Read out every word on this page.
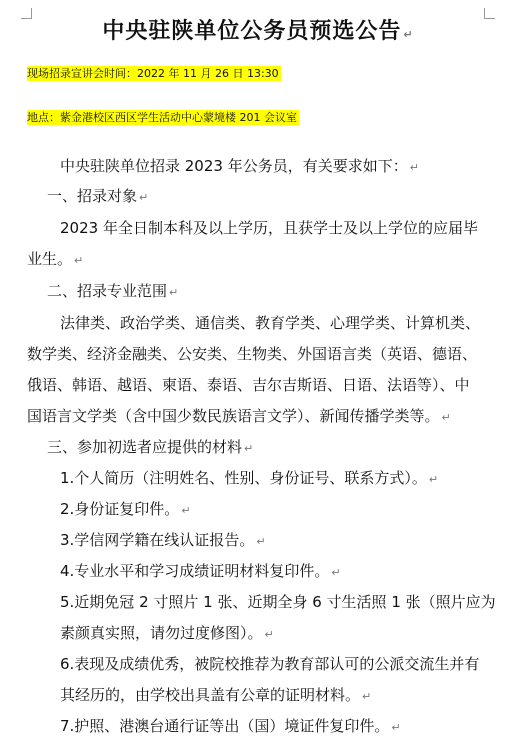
中央驻陕单位公务员预选公告 ↵
现场招录宣讲会时间：2022 年 11 月 26 日 13:30
地点：紫金港校区西区学生活动中心蒙境楼 201 会议室
中央驻陕单位招录 2023 年公务员，有关要求如下： ↵
一、招录对象 ↵
2023 年全日制本科及以上学历，且获学士及以上学位的应届毕
业生。 ↵
二、招录专业范围 ↵
法律类、政治学类、通信类、教育学类、心理学类、计算机类、
数学类、经济金融类、公安类、生物类、外国语言类（英语、德语、
俄语、韩语、越语、柬语、泰语、吉尔吉斯语、日语、法语等）、中
国语言文学类（含中国少数民族语言文学）、新闻传播学类等。 ↵
三、参加初选者应提供的材料 ↵
1.个人简历（注明姓名、性别、身份证号、联系方式）。 ↵
2.身份证复印件。 ↵
3.学信网学籍在线认证报告。 ↵
4.专业水平和学习成绩证明材料复印件。 ↵
5.近期免冠 2 寸照片 1 张、近期全身 6 寸生活照 1 张（照片应为
素颜真实照，请勿过度修图）。 ↵
6.表现及成绩优秀，被院校推荐为教育部认可的公派交流生并有
其经历的，由学校出具盖有公章的证明材料。 ↵
7.护照、港澳台通行证等出（国）境证件复印件。 ↵
